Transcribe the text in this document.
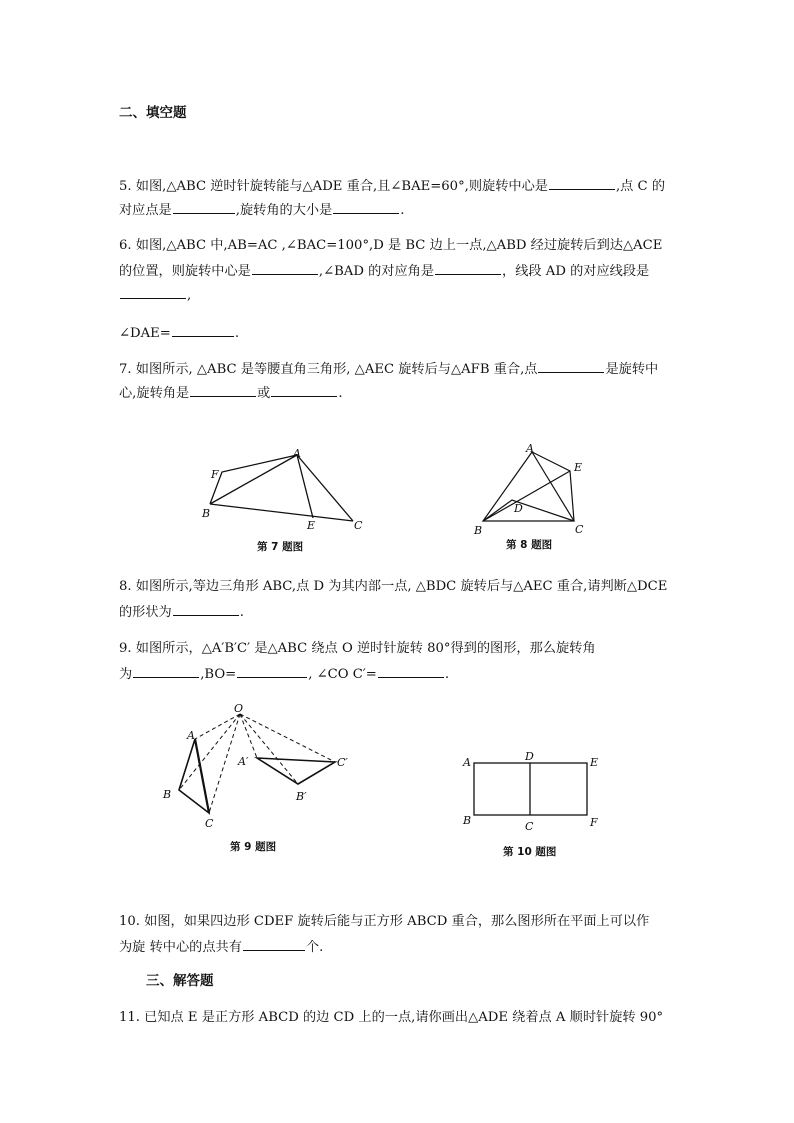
二、填空题
5. 如图,△ABC 逆时针旋转能与△ADE 重合,且∠BAE=60°,则旋转中心是	,点 C 的
对应点是	,旋转角的大小是	.
6. 如图,△ABC 中,AB=AC ,∠BAC=100°,D 是 BC 边上一点,△ABD 经过旋转后到达△ACE
的位置，则旋转中心是	,∠BAD 的对应角是	，线段 AD 的对应线段是
,
∠DAE=	.
7. 如图所示, △ABC 是等腰直角三角形, △AEC 旋转后与△AFB 重合,点	是旋转中
心,旋转角是	或	.
A
B
C
E
F
第 7 题图
A
B	C
D
E
第 8 题图
8. 如图所示,等边三角形 ABC,点 D 为其内部一点, △BDC 旋转后与△AEC 重合,请判断△DCE
的形状为	.
9. 如图所示，△A′B′C′ 是△ABC 绕点 O 逆时针旋转 80°得到的图形，那么旋转角
为	,BO=	, ∠CO C′=	.
O
A
B
C
A′
B′
C′
第 9 题图
A
B	C
D	E
F
第 10 题图
10. 如图，如果四边形 CDEF 旋转后能与正方形 ABCD 重合，那么图形所在平面上可以作
为旋 转中心的点共有	个.
三、解答题
11. 已知点 E 是正方形 ABCD 的边 CD 上的一点,请你画出△ADE 绕着点 A 顺时针旋转 90°
